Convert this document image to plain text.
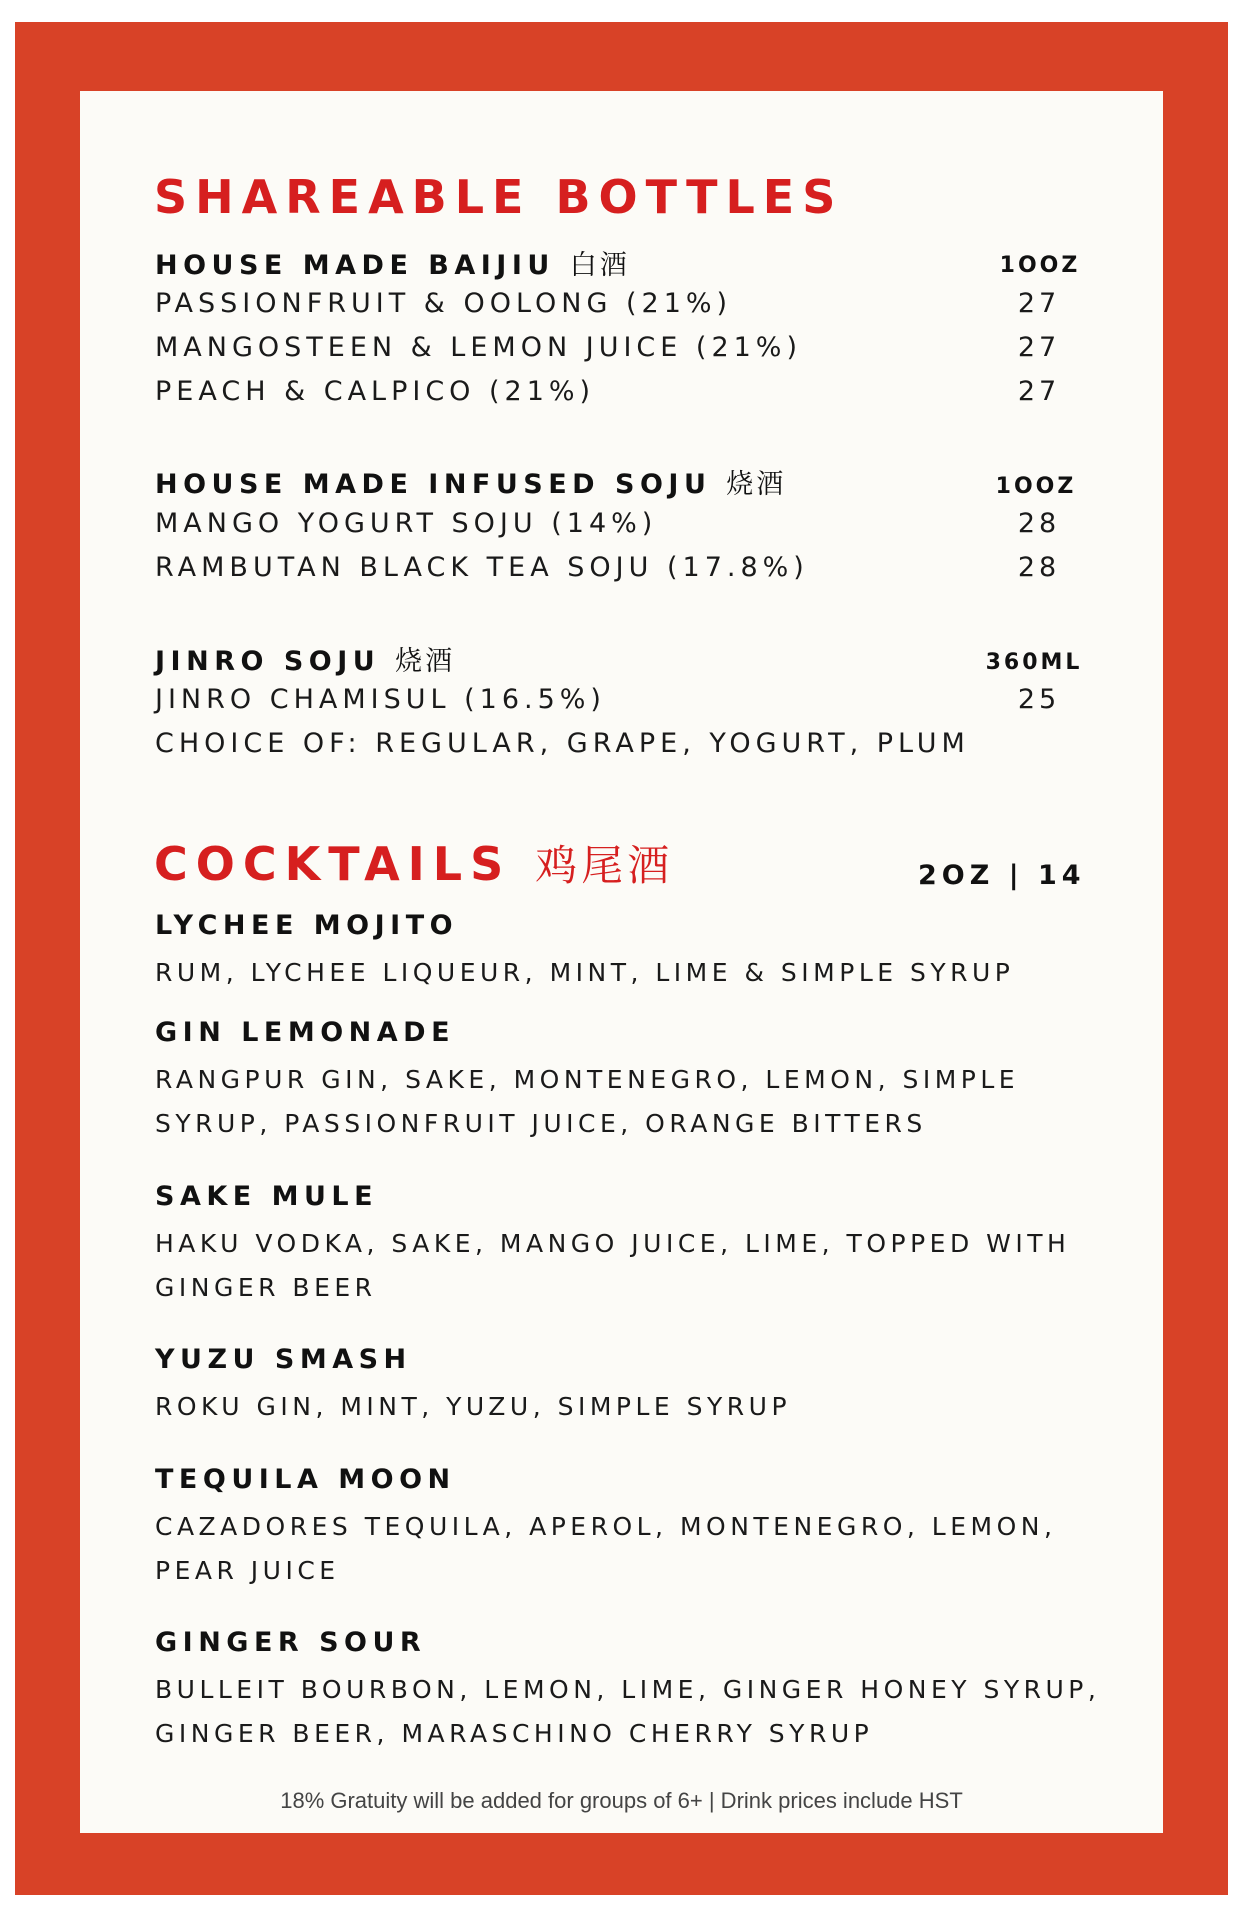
SHAREABLE BOTTLES
HOUSE MADE BAIJIU 白酒	1OOZ
PASSIONFRUIT & OOLONG (21%)	27
MANGOSTEEN & LEMON JUICE (21%)	27
PEACH & CALPICO (21%)	27
HOUSE MADE INFUSED SOJU 烧酒	1OOZ
MANGO YOGURT SOJU (14%)	28
RAMBUTAN BLACK TEA SOJU (17.8%)	28
JINRO SOJU 烧酒	360ML
JINRO CHAMISUL (16.5%)	25
CHOICE OF: REGULAR, GRAPE, YOGURT, PLUM
COCKTAILS 鸡尾酒	2OZ | 14
LYCHEE MOJITO
RUM, LYCHEE LIQUEUR, MINT, LIME & SIMPLE SYRUP
GIN LEMONADE
RANGPUR GIN, SAKE, MONTENEGRO, LEMON, SIMPLE
SYRUP, PASSIONFRUIT JUICE, ORANGE BITTERS
SAKE MULE
HAKU VODKA, SAKE, MANGO JUICE, LIME, TOPPED WITH
GINGER BEER
YUZU SMASH
ROKU GIN, MINT, YUZU, SIMPLE SYRUP
TEQUILA MOON
CAZADORES TEQUILA, APEROL, MONTENEGRO, LEMON,
PEAR JUICE
GINGER SOUR
BULLEIT BOURBON, LEMON, LIME, GINGER HONEY SYRUP,
GINGER BEER, MARASCHINO CHERRY SYRUP
18% Gratuity will be added for groups of 6+ | Drink prices include HST
